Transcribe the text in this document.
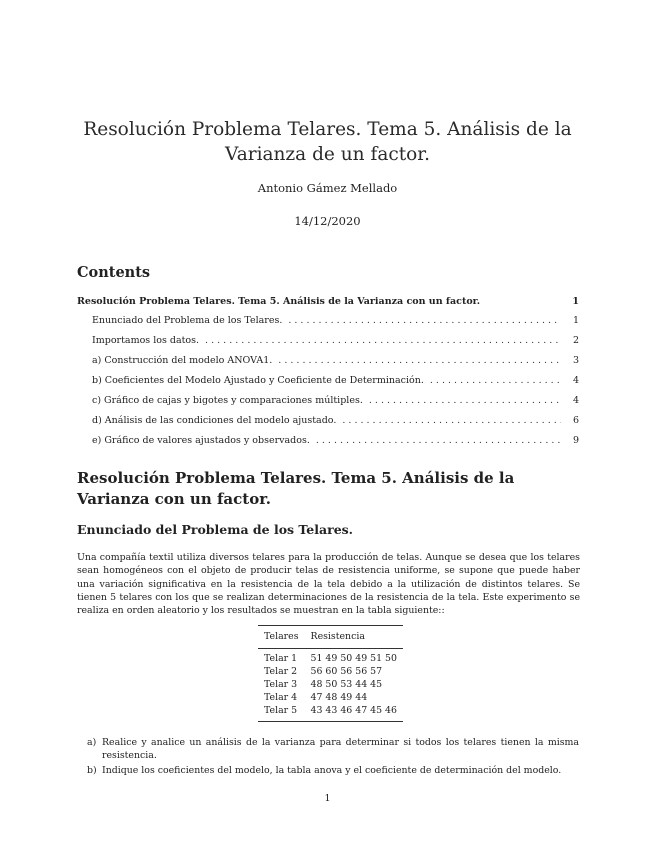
Resolución Problema Telares. Tema 5. Análisis de la Varianza de un factor.
Antonio Gámez Mellado
14/12/2020
Contents
Resolución Problema Telares. Tema 5. Análisis de la Varianza con un factor.	1
Enunciado del Problema de los Telares. . . .	1
Importamos los datos. . . .	2
a) Construcción del modelo ANOVA1. . . .	3
b) Coeficientes del Modelo Ajustado y Coeficiente de Determinación. . . .	4
c) Gráfico de cajas y bigotes y comparaciones múltiples. . . .	4
d) Análisis de las condiciones del modelo ajustado. . . .	6
e) Gráfico de valores ajustados y observados. . . .	9
Resolución Problema Telares. Tema 5. Análisis de la Varianza con un factor.
Enunciado del Problema de los Telares.
Una compañía textil utiliza diversos telares para la producción de telas. Aunque se desea que los telares sean homogéneos con el objeto de producir telas de resistencia uniforme, se supone que puede haber una variación significativa en la resistencia de la tela debido a la utilización de distintos telares. Se tienen 5 telares con los que se realizan determinaciones de la resistencia de la tela. Este experimento se realiza en orden aleatorio y los resultados se muestran en la tabla siguiente::
Telares	Resistencia
Telar 1	51 49 50 49 51 50
Telar 2	56 60 56 56 57
Telar 3	48 50 53 44 45
Telar 4	47 48 49 44
Telar 5	43 43 46 47 45 46
a) Realice y analice un análisis de la varianza para determinar si todos los telares tienen la misma resistencia.
b) Indique los coeficientes del modelo, la tabla anova y el coeficiente de determinación del modelo.
1
